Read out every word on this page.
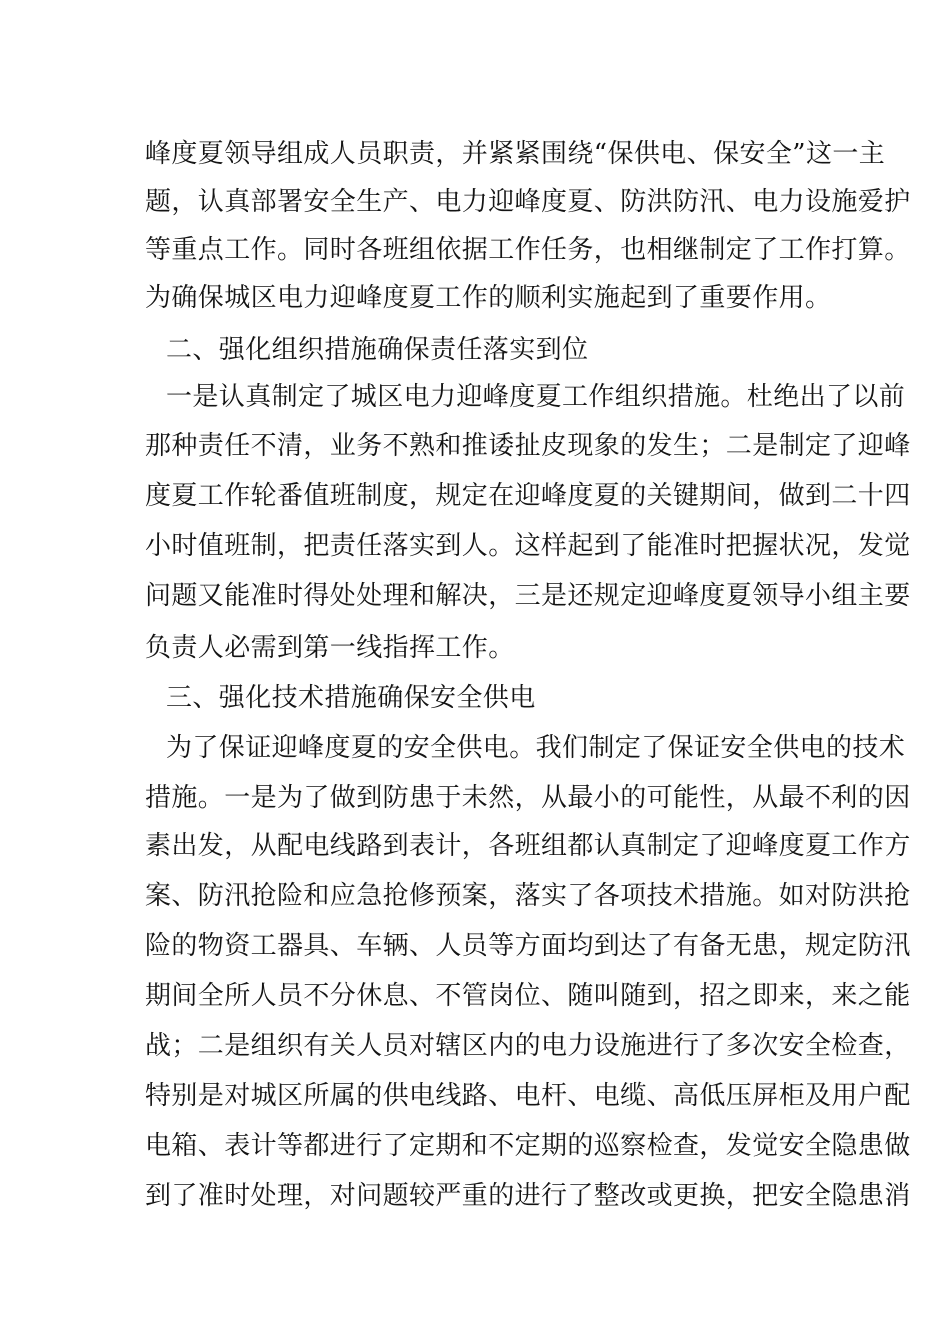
峰度夏领导组成人员职责，并紧紧围绕“保供电、保安全”这一主
题，认真部署安全生产、电力迎峰度夏、防洪防汛、电力设施爱护
等重点工作。同时各班组依据工作任务，也相继制定了工作打算。
为确保城区电力迎峰度夏工作的顺利实施起到了重要作用。
二、强化组织措施确保责任落实到位
一是认真制定了城区电力迎峰度夏工作组织措施。杜绝出了以前
那种责任不清，业务不熟和推诿扯皮现象的发生；二是制定了迎峰
度夏工作轮番值班制度，规定在迎峰度夏的关键期间，做到二十四
小时值班制，把责任落实到人。这样起到了能准时把握状况，发觉
问题又能准时得处处理和解决，三是还规定迎峰度夏领导小组主要
负责人必需到第一线指挥工作。
三、强化技术措施确保安全供电
为了保证迎峰度夏的安全供电。我们制定了保证安全供电的技术
措施。一是为了做到防患于未然，从最小的可能性，从最不利的因
素出发，从配电线路到表计，各班组都认真制定了迎峰度夏工作方
案、防汛抢险和应急抢修预案，落实了各项技术措施。如对防洪抢
险的物资工器具、车辆、人员等方面均到达了有备无患，规定防汛
期间全所人员不分休息、不管岗位、随叫随到，招之即来，来之能
战；二是组织有关人员对辖区内的电力设施进行了多次安全检查，
特别是对城区所属的供电线路、电杆、电缆、高低压屏柜及用户配
电箱、表计等都进行了定期和不定期的巡察检查，发觉安全隐患做
到了准时处理，对问题较严重的进行了整改或更换，把安全隐患消
